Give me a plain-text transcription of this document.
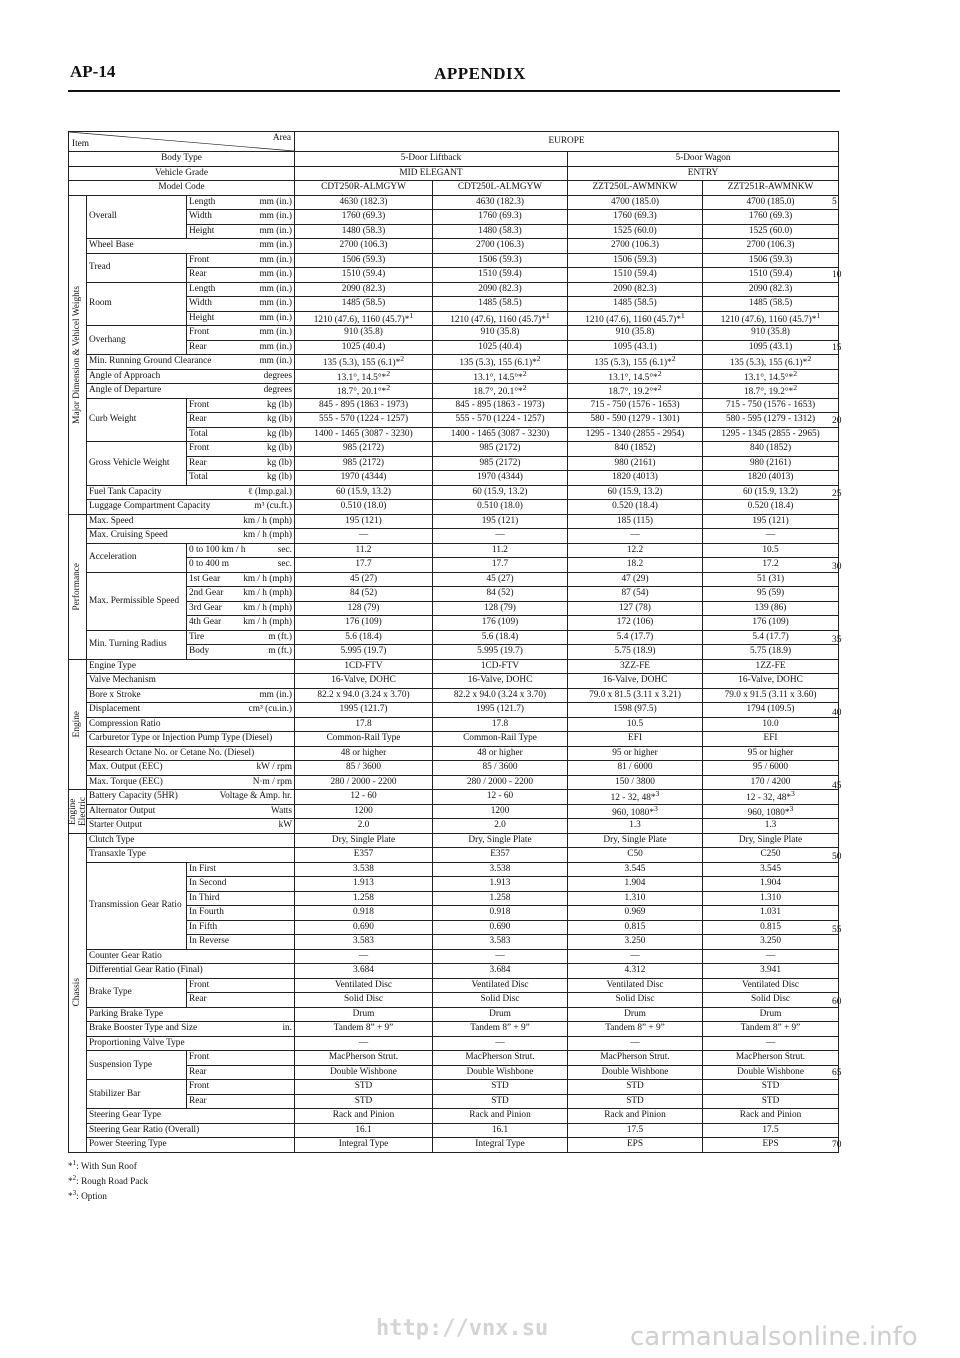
AP-14	APPENDIX
Area
Item			EUROPE			
Body Type			5-Door Liftback		5-Door Wagon	
Vehicle Grade			MID ELEGANT		ENTRY	
Model Code			CDT250R-ALMGYW	CDT250L-ALMGYW	ZZT250L-AWMNKW	ZZT251R-AWMNKW

Major Dimension & Vehicel Weights	Overall	Length mm (in.)	4630 (182.3)	4630 (182.3)	4700 (185.0)	4700 (185.0)

		Width mm (in.)	1760 (69.3)	1760 (69.3)	1760 (69.3)	1760 (69.3)

		Height mm (in.)	1480 (58.3)	1480 (58.3)	1525 (60.0)	1525 (60.0)

	Wheel Base mm (in.)		2700 (106.3)	2700 (106.3)	2700 (106.3)	2700 (106.3)
	Tread	Front mm (in.)	1506 (59.3)	1506 (59.3)	1506 (59.3)	1506 (59.3)

		Rear mm (in.)	1510 (59.4)	1510 (59.4)	1510 (59.4)	1510 (59.4)
	Room	Length mm (in.)	2090 (82.3)	2090 (82.3)	2090 (82.3)	2090 (82.3)

		Width mm (in.)	1485 (58.5)	1485 (58.5)	1485 (58.5)	1485 (58.5)

		Height mm (in.)	1210 (47.6), 1160 (45.7)*$^1$	1210 (47.6), 1160 (45.7)*$^1$	1210 (47.6), 1160 (45.7)*$^1$	1210 (47.6), 1160 (45.7)*$^1$
	Overhang	Front mm (in.)	910 (35.8)	910 (35.8)	910 (35.8)	910 (35.8)

		Rear mm (in.)	1025 (40.4)	1025 (40.4)	1095 (43.1)	1095 (43.1)

	Min. Running Ground Clearance mm (in.)		135 (5.3), 155 (6.1)*$^2$	135 (5.3), 155 (6.1)*$^2$	135 (5.3), 155 (6.1)*$^2$	135 (5.3), 155 (6.1)*$^2$

	Angle of Approach degrees		13.1°, 14.5°*$^2$	13.1°, 14.5°*$^2$	13.1°, 14.5°*$^2$	13.1°, 14.5°*$^2$

	Angle of Departure degrees		18.7°, 20.1°*$^2$	18.7°, 20.1°*$^2$	18.7°, 19.2°*$^2$	18.7°, 19.2°*$^2$
	Curb Weight	Front kg (lb)	845 - 895 (1863 - 1973)	845 - 895 (1863 - 1973)	715 - 750 (1576 - 1653)	715 - 750 (1576 - 1653)

		Rear kg (lb)	555 - 570 (1224 - 1257)	555 - 570 (1224 - 1257)	580 - 590 (1279 - 1301)	580 - 595 (1279 - 1312)

		Total kg (lb)	1400 - 1465 (3087 - 3230)	1400 - 1465 (3087 - 3230)	1295 - 1340 (2855 - 2954)	1295 - 1345 (2855 - 2965)
	Gross Vehicle Weight	Front kg (lb)	985 (2172)	985 (2172)	840 (1852)	840 (1852)

		Rear kg (lb)	985 (2172)	985 (2172)	980 (2161)	980 (2161)

		Total kg (lb)	1970 (4344)	1970 (4344)	1820 (4013)	1820 (4013)

	Fuel Tank Capacity ℓ (Imp.gal.)		60 (15.9, 13.2)	60 (15.9, 13.2)	60 (15.9, 13.2)	60 (15.9, 13.2)

	Luggage Compartment Capacity m³ (cu.ft.)		0.510 (18.0)	0.510 (18.0)	0.520 (18.4)	0.520 (18.4)

Performance	Max. Speed km / h (mph)		195 (121)	195 (121)	185 (115)	195 (121)

	Max. Cruising Speed km / h (mph)		—	—	—	—
	Acceleration	0 to 100 km / h sec.	11.2	11.2	12.2	10.5

		0 to 400 m sec.	17.7	17.7	18.2	17.2
	Max. Permissible Speed	1st Gear km / h (mph)	45 (27)	45 (27)	47 (29)	51 (31)

		2nd Gear km / h (mph)	84 (52)	84 (52)	87 (54)	95 (59)

		3rd Gear km / h (mph)	128 (79)	128 (79)	127 (78)	139 (86)

		4th Gear km / h (mph)	176 (109)	176 (109)	172 (106)	176 (109)
	Min. Turning Radius	Tire m (ft.)	5.6 (18.4)	5.6 (18.4)	5.4 (17.7)	5.4 (17.7)

		Body m (ft.)	5.995 (19.7)	5.995 (19.7)	5.75 (18.9)	5.75 (18.9)

Engine	Engine Type		1CD-FTV	1CD-FTV	3ZZ-FE	1ZZ-FE

	Valve Mechanism		16-Valve, DOHC	16-Valve, DOHC	16-Valve, DOHC	16-Valve, DOHC

	Bore x Stroke mm (in.)		82.2 x 94.0 (3.24 x 3.70)	82.2 x 94.0 (3.24 x 3.70)	79.0 x 81.5 (3.11 x 3.21)	79.0 x 91.5 (3.11 x 3.60)

	Displacement cm³ (cu.in.)		1995 (121.7)	1995 (121.7)	1598 (97.5)	1794 (109.5)

	Compression Ratio		17.8	17.8	10.5	10.0

	Carburetor Type or Injection Pump Type (Diesel)		Common-Rail Type	Common-Rail Type	EFI	EFI

	Research Octane No. or Cetane No. (Diesel)		48 or higher	48 or higher	95 or higher	95 or higher

	Max. Output (EEC) kW / rpm		85 / 3600	85 / 3600	81 / 6000	95 / 6000

	Max. Torque (EEC) N·m / rpm		280 / 2000 - 2200	280 / 2000 - 2200	150 / 3800	170 / 4200

Engine
Electric	Battery Capacity (5HR) Voltage & Amp. hr.		12 - 60	12 - 60	12 - 32, 48*$^3$	12 - 32, 48*$^3$

	Alternator Output Watts		1200	1200	960, 1080*$^3$	960, 1080*$^3$

	Starter Output kW		2.0	2.0	1.3	1.3

Chassis	Clutch Type		Dry, Single Plate	Dry, Single Plate	Dry, Single Plate	Dry, Single Plate

	Transaxle Type		E357	E357	C50	C250
	Transmission Gear Ratio	In First	3.538	3.538	3.545	3.545

		In Second	1.913	1.913	1.904	1.904

		In Third	1.258	1.258	1.310	1.310

		In Fourth	0.918	0.918	0.969	1.031

		In Fifth	0.690	0.690	0.815	0.815

		In Reverse	3.583	3.583	3.250	3.250

	Counter Gear Ratio		—	—	—	—

	Differential Gear Ratio (Final)		3.684	3.684	4.312	3.941
	Brake Type	Front	Ventilated Disc	Ventilated Disc	Ventilated Disc	Ventilated Disc

		Rear	Solid Disc	Solid Disc	Solid Disc	Solid Disc

	Parking Brake Type		Drum	Drum	Drum	Drum

	Brake Booster Type and Size in.		Tandem 8” + 9”	Tandem 8” + 9”	Tandem 8” + 9”	Tandem 8” + 9”

	Proportioning Valve Type		—	—	—	—
	Suspension Type	Front	MacPherson Strut.	MacPherson Strut.	MacPherson Strut.	MacPherson Strut.

		Rear	Double Wishbone	Double Wishbone	Double Wishbone	Double Wishbone
	Stabilizer Bar	Front	STD	STD	STD	STD

		Rear	STD	STD	STD	STD

	Steering Gear Type		Rack and Pinion	Rack and Pinion	Rack and Pinion	Rack and Pinion

	Steering Gear Ratio (Overall)		16.1	16.1	17.5	17.5

	Power Steering Type		Integral Type	Integral Type	EPS	EPS
5
10
15
20
25
30
35
40
45
50
55
60
65
70
*$^1$: With Sun Roof
*$^2$: Rough Road Pack
*$^3$: Option
http://vnx.su	carmanualsonline.info
